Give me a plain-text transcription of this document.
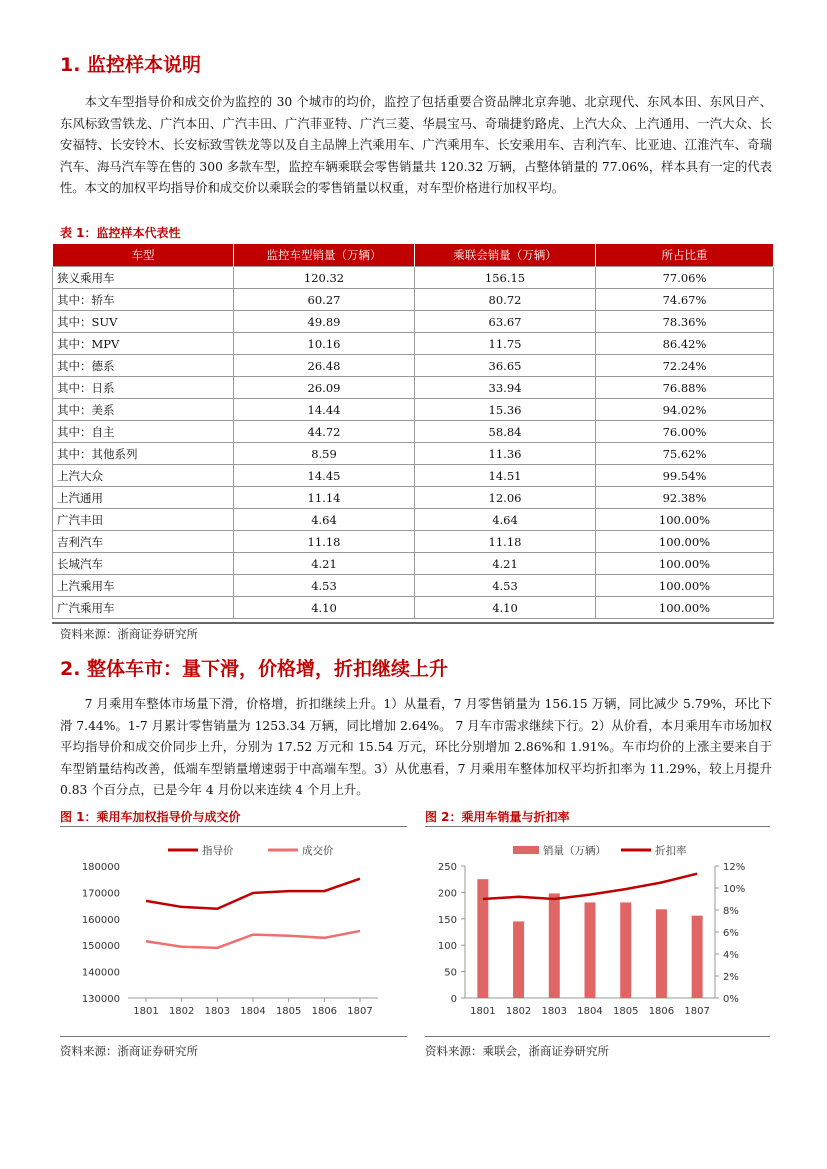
1. 监控样本说明

本文车型指导价和成交价为监控的 30 个城市的均价，监控了包括重要合资品牌北京奔驰、北京现代、东风本田、东风日产、东风标致雪铁龙、广汽本田、广汽丰田、广汽菲亚特、广汽三菱、华晨宝马、奇瑞捷豹路虎、上汽大众、上汽通用、一汽大众、长安福特、长安铃木、长安标致雪铁龙等以及自主品牌上汽乘用车、广汽乘用车、长安乘用车、吉利汽车、比亚迪、江淮汽车、奇瑞汽车、海马汽车等在售的 300 多款车型，监控车辆乘联会零售销量共 120.32 万辆，占整体销量的 77.06%，样本具有一定的代表性。本文的加权平均指导价和成交价以乘联会的零售销量以权重，对车型价格进行加权平均。

表 1：监控样本代表性
车型	监控车型销量（万辆）	乘联会销量（万辆）	所占比重
狭义乘用车	120.32	156.15	77.06%
其中：轿车	60.27	80.72	74.67%
其中：SUV	49.89	63.67	78.36%
其中：MPV	10.16	11.75	86.42%
其中：德系	26.48	36.65	72.24%
其中：日系	26.09	33.94	76.88%
其中：美系	14.44	15.36	94.02%
其中：自主	44.72	58.84	76.00%
其中：其他系列	8.59	11.36	75.62%
上汽大众	14.45	14.51	99.54%
上汽通用	11.14	12.06	92.38%
广汽丰田	4.64	4.64	100.00%
吉利汽车	11.18	11.18	100.00%
长城汽车	4.21	4.21	100.00%
上汽乘用车	4.53	4.53	100.00%
广汽乘用车	4.10	4.10	100.00%
资料来源：浙商证券研究所
2. 整体车市：量下滑，价格增，折扣继续上升

7 月乘用车整体市场量下滑，价格增，折扣继续上升。1）从量看，7 月零售销量为 156.15 万辆，同比减少 5.79%，环比下滑 7.44%。1-7 月累计零售销量为 1253.34 万辆，同比增加 2.64%。 7 月车市需求继续下行。2）从价看，本月乘用车市场加权平均指导价和成交价同步上升，分别为 17.52 万元和 15.54 万元，环比分别增加 2.86%和 1.91%。车市均价的上涨主要来自于车型销量结构改善，低端车型销量增速弱于中高端车型。3）从优惠看，7 月乘用车整体加权平均折扣率为 11.29%，较上月提升 0.83 个百分点，已是今年 4 月份以来连续 4 个月上升。

图 1：乘用车加权指导价与成交价
指导价	成交价
130000
140000
150000
160000
170000
180000
1801 1802 1803 1804 1805 1806 1807
资料来源：浙商证券研究所
图 2：乘用车销量与折扣率
销量（万辆）	折扣率
0
50
100
150
200
250
0%
2%
4%
6%
8%
10%
12%
1801 1802 1803 1804 1805 1806 1807
资料来源：乘联会，浙商证券研究所
